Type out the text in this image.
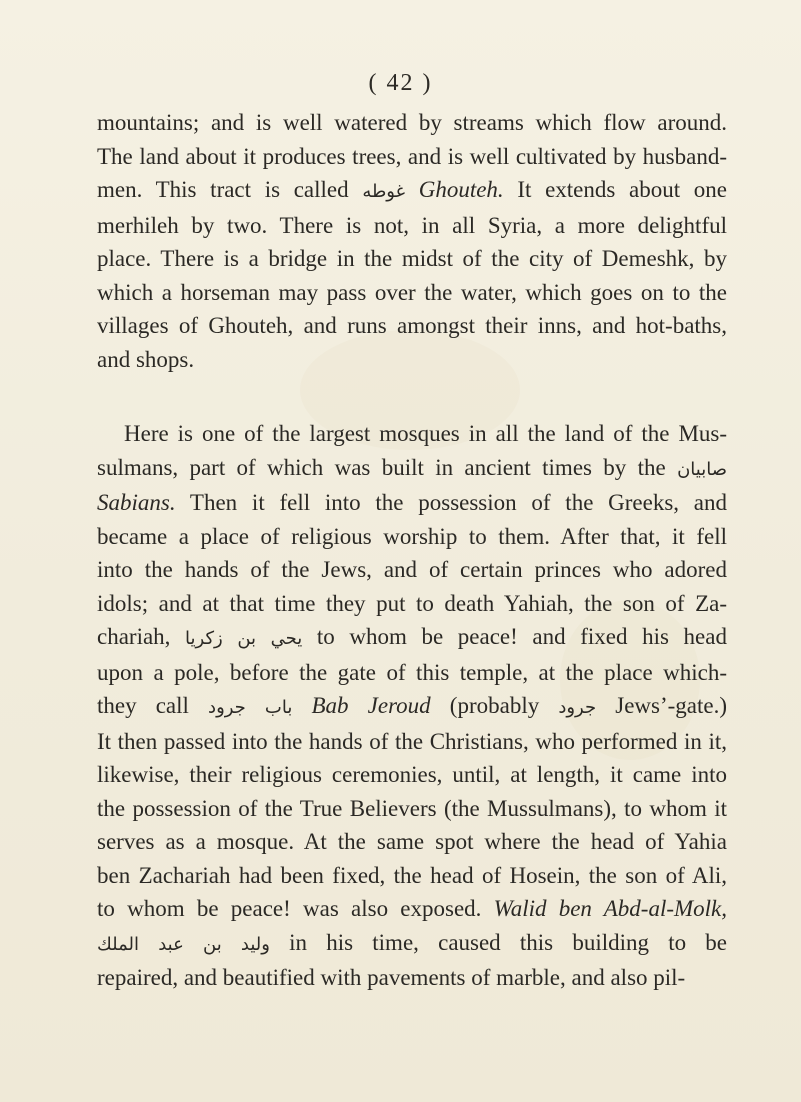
( 42 )
mountains; and is well watered by streams which flow around.
The land about it produces trees, and is well cultivated by husband-
men. This tract is called غوطه Ghouteh. It extends about one
merhileh by two. There is not, in all Syria, a more delightful
place. There is a bridge in the midst of the city of Demeshk, by
which a horseman may pass over the water, which goes on to the
villages of Ghouteh, and runs amongst their inns, and hot-baths,
and shops.
Here is one of the largest mosques in all the land of the Mus-
sulmans, part of which was built in ancient times by the صابيان
Sabians. Then it fell into the possession of the Greeks, and
became a place of religious worship to them. After that, it fell
into the hands of the Jews, and of certain princes who adored
idols; and at that time they put to death Yahiah, the son of Za-
chariah, يحي بن زكريا to whom be peace! and fixed his head
upon a pole, before the gate of this temple, at the place which-
they call باب جرود Bab Jeroud (probably جرود Jews’-gate.)
It then passed into the hands of the Christians, who performed in it,
likewise, their religious ceremonies, until, at length, it came into
the possession of the True Believers (the Mussulmans), to whom it
serves as a mosque. At the same spot where the head of Yahia
ben Zachariah had been fixed, the head of Hosein, the son of Ali,
to whom be peace! was also exposed. Walid ben Abd-al-Molk,
وليد بن عبد الملك in his time, caused this building to be
repaired, and beautified with pavements of marble, and also pil-
